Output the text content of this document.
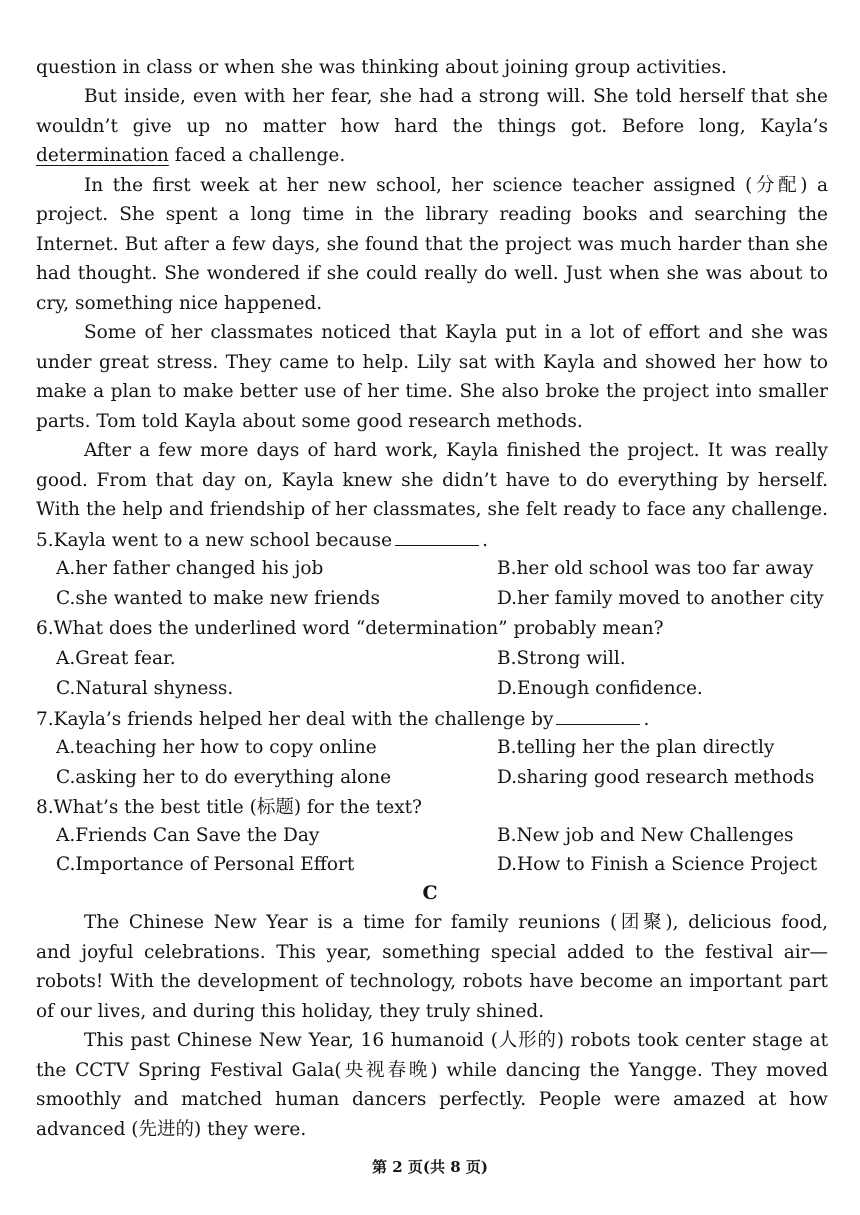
question in class or when she was thinking about joining group activities.
But inside, even with her fear, she had a strong will. She told herself that she
wouldn’t give up no matter how hard the things got. Before long, Kayla’s
determination faced a challenge.
In the first week at her new school, her science teacher assigned (分配) a
project. She spent a long time in the library reading books and searching the
Internet. But after a few days, she found that the project was much harder than she
had thought. She wondered if she could really do well. Just when she was about to
cry, something nice happened.
Some of her classmates noticed that Kayla put in a lot of effort and she was
under great stress. They came to help. Lily sat with Kayla and showed her how to
make a plan to make better use of her time. She also broke the project into smaller
parts. Tom told Kayla about some good research methods.
After a few more days of hard work, Kayla finished the project. It was really
good. From that day on, Kayla knew she didn’t have to do everything by herself.
With the help and friendship of her classmates, she felt ready to face any challenge.
5.Kayla went to a new school because	.
A.her father changed his job	B.her old school was too far away
C.she wanted to make new friends	D.her family moved to another city
6.What does the underlined word “determination” probably mean?
A.Great fear.	B.Strong will.
C.Natural shyness.	D.Enough confidence.
7.Kayla’s friends helped her deal with the challenge by	.
A.teaching her how to copy online	B.telling her the plan directly
C.asking her to do everything alone	D.sharing good research methods
8.What’s the best title (标题) for the text?
A.Friends Can Save the Day	B.New job and New Challenges
C.Importance of Personal Effort	D.How to Finish a Science Project
C
The Chinese New Year is a time for family reunions (团聚), delicious food,
and joyful celebrations. This year, something special added to the festival air—
robots! With the development of technology, robots have become an important part
of our lives, and during this holiday, they truly shined.
This past Chinese New Year, 16 humanoid (人形的) robots took center stage at
the CCTV Spring Festival Gala(央视春晚) while dancing the Yangge. They moved
smoothly and matched human dancers perfectly. People were amazed at how
advanced (先进的) they were.
第 2 页(共 8 页)
